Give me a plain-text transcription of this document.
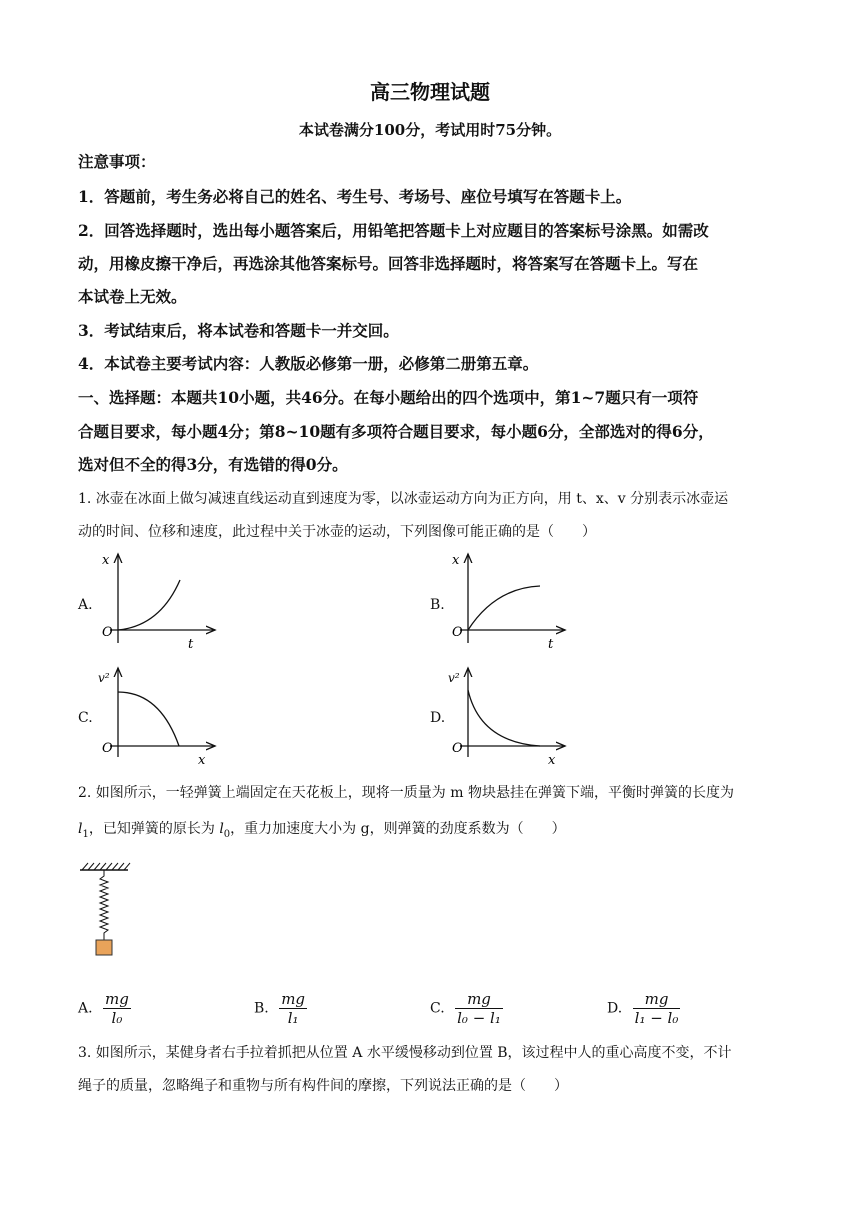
高三物理试题
本试卷满分100分，考试用时75分钟。
注意事项：
1．答题前，考生务必将自己的姓名、考生号、考场号、座位号填写在答题卡上。
2．回答选择题时，选出每小题答案后，用铅笔把答题卡上对应题目的答案标号涂黑。如需改
动，用橡皮擦干净后，再选涂其他答案标号。回答非选择题时，将答案写在答题卡上。写在
本试卷上无效。
3．考试结束后，将本试卷和答题卡一并交回。
4．本试卷主要考试内容：人教版必修第一册，必修第二册第五章。
一、选择题：本题共10小题，共46分。在每小题给出的四个选项中，第1~7题只有一项符
合题目要求，每小题4分；第8~10题有多项符合题目要求，每小题6分，全部选对的得6分，
选对但不全的得3分，有选错的得0分。
1. 冰壶在冰面上做匀减速直线运动直到速度为零，以冰壶运动方向为正方向，用 t、x、v 分别表示冰壶运
动的时间、位移和速度，此过程中关于冰壶的运动，下列图像可能正确的是（　　）
A.
x
t
O
B.
x
t
O
C.
v²
x
O
D.
v²
x
O
2. 如图所示，一轻弹簧上端固定在天花板上，现将一质量为 m 物块悬挂在弹簧下端，平衡时弹簧的长度为
$l_1$，已知弹簧的原长为 $l_0$，重力加速度大小为 g，则弹簧的劲度系数为（　　）
A. $\frac{mg}{\text{l₀}}$	B. $\frac{mg}{\text{l₁}}$	C. $\frac{mg}{\text{l₀ − l₁}}$	D. $\frac{mg}{\text{l₁ − l₀}}$
3. 如图所示，某健身者右手拉着抓把从位置 A 水平缓慢移动到位置 B，该过程中人的重心高度不变，不计
绳子的质量，忽略绳子和重物与所有构件间的摩擦，下列说法正确的是（　　）
